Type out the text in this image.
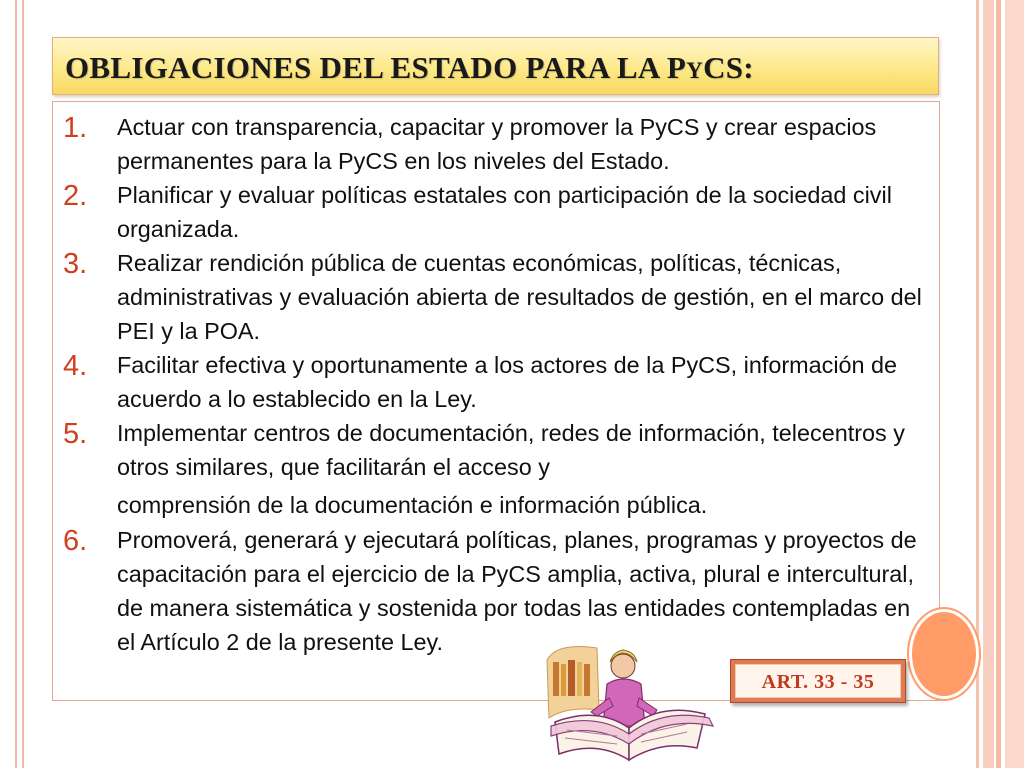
OBLIGACIONES DEL ESTADO PARA LA PYCS:
1.	Actuar con transparencia, capacitar y promover la PyCS y crear espacios permanentes para la PyCS en los niveles del Estado.
2.	Planificar y evaluar políticas estatales con participación de la sociedad civil organizada.
3.	Realizar rendición pública de cuentas económicas, políticas, técnicas, administrativas y evaluación abierta de resultados de gestión, en el marco del PEI y la POA.
4.	Facilitar efectiva y oportunamente a los actores de la PyCS, información de acuerdo a lo establecido en la Ley.
5.	Implementar centros de documentación, redes de información, telecentros y otros similares, que facilitarán el acceso y
comprensión de la documentación e información pública.
6.	Promoverá, generará y ejecutará políticas, planes, programas y proyectos de capacitación para el ejercicio de la PyCS amplia, activa, plural e intercultural, de manera sistemática y sostenida por todas las entidades contempladas en el Artículo 2 de la presente Ley.
ART. 33 - 35
